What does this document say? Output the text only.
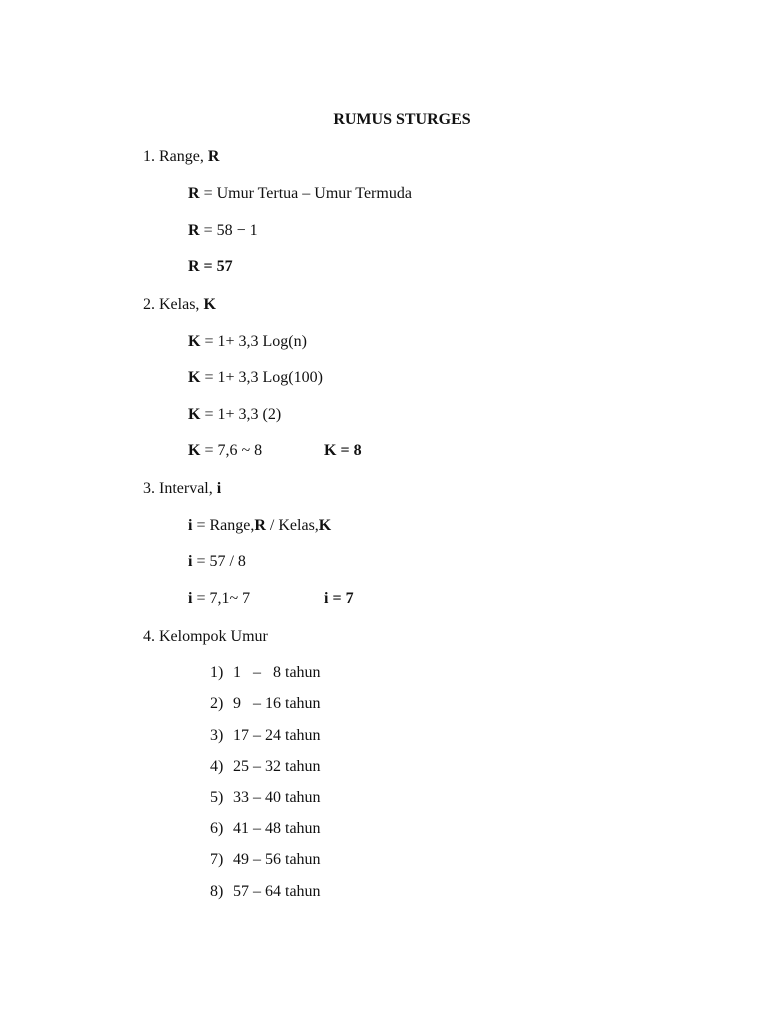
RUMUS STURGES
1. Range, R
R = Umur Tertua – Umur Termuda
R = 58 − 1
R = 57
2. Kelas, K
K = 1+ 3,3 Log(n)
K = 1+ 3,3 Log(100)
K = 1+ 3,3 (2)
K = 7,6 ~ 8	K = 8
3. Interval, i
i = Range,R / Kelas,K
i = 57 / 8
i = 7,1~ 7	i = 7
4. Kelompok Umur
1) 1   –   8 tahun
2) 9   – 16 tahun
3) 17 – 24 tahun
4) 25 – 32 tahun
5) 33 – 40 tahun
6) 41 – 48 tahun
7) 49 – 56 tahun
8) 57 – 64 tahun
